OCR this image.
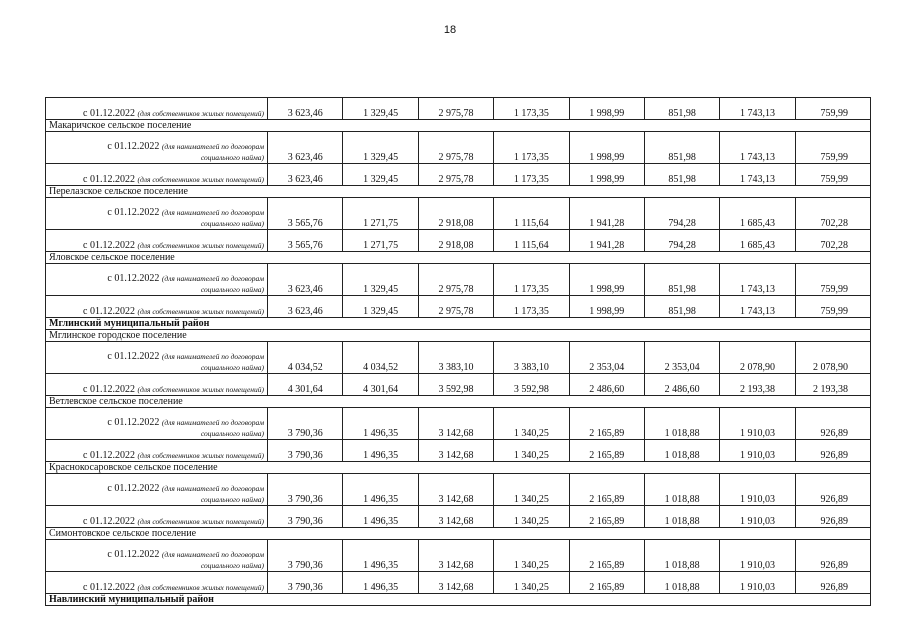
18
с 01.12.2022 (для собственников жилых помещений)	3 623,46	1 329,45	2 975,78	1 173,35	1 998,99	851,98	1 743,13	759,99
Макаричское сельское поселение								

с 01.12.2022 (для нанимателей по договорам
социального найма)	3 623,46	1 329,45	2 975,78	1 173,35	1 998,99	851,98	1 743,13	759,99
с 01.12.2022 (для собственников жилых помещений)	3 623,46	1 329,45	2 975,78	1 173,35	1 998,99	851,98	1 743,13	759,99
Перелазское сельское поселение								

с 01.12.2022 (для нанимателей по договорам
социального найма)	3 565,76	1 271,75	2 918,08	1 115,64	1 941,28	794,28	1 685,43	702,28
с 01.12.2022 (для собственников жилых помещений)	3 565,76	1 271,75	2 918,08	1 115,64	1 941,28	794,28	1 685,43	702,28
Яловское сельское поселение								

с 01.12.2022 (для нанимателей по договорам
социального найма)	3 623,46	1 329,45	2 975,78	1 173,35	1 998,99	851,98	1 743,13	759,99
с 01.12.2022 (для собственников жилых помещений)	3 623,46	1 329,45	2 975,78	1 173,35	1 998,99	851,98	1 743,13	759,99
Мглинский муниципальный район								
Мглинское городское поселение								

с 01.12.2022 (для нанимателей по договорам
социального найма)	4 034,52	4 034,52	3 383,10	3 383,10	2 353,04	2 353,04	2 078,90	2 078,90
с 01.12.2022 (для собственников жилых помещений)	4 301,64	4 301,64	3 592,98	3 592,98	2 486,60	2 486,60	2 193,38	2 193,38
Ветлевское сельское поселение								

с 01.12.2022 (для нанимателей по договорам
социального найма)	3 790,36	1 496,35	3 142,68	1 340,25	2 165,89	1 018,88	1 910,03	926,89
с 01.12.2022 (для собственников жилых помещений)	3 790,36	1 496,35	3 142,68	1 340,25	2 165,89	1 018,88	1 910,03	926,89
Краснокосаровское сельское поселение								

с 01.12.2022 (для нанимателей по договорам
социального найма)	3 790,36	1 496,35	3 142,68	1 340,25	2 165,89	1 018,88	1 910,03	926,89
с 01.12.2022 (для собственников жилых помещений)	3 790,36	1 496,35	3 142,68	1 340,25	2 165,89	1 018,88	1 910,03	926,89
Симонтовское сельское поселение								

с 01.12.2022 (для нанимателей по договорам
социального найма)	3 790,36	1 496,35	3 142,68	1 340,25	2 165,89	1 018,88	1 910,03	926,89
с 01.12.2022 (для собственников жилых помещений)	3 790,36	1 496,35	3 142,68	1 340,25	2 165,89	1 018,88	1 910,03	926,89
Навлинский муниципальный район								
